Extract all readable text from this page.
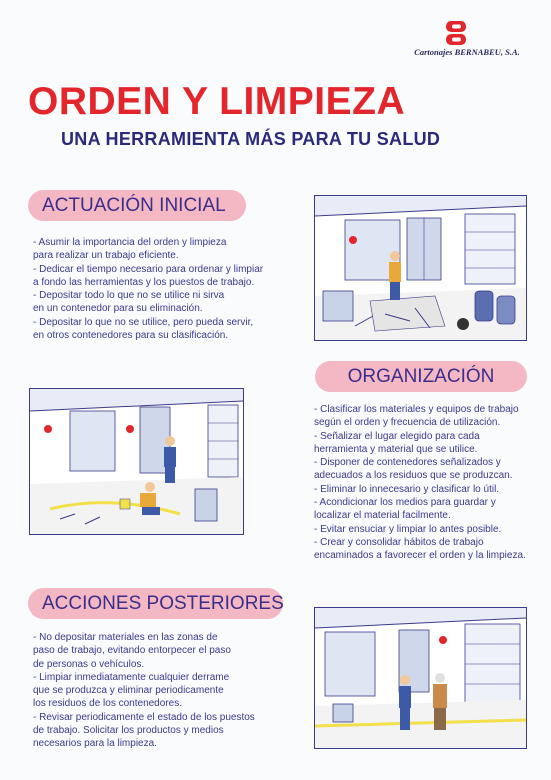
Cartonajes BERNABEU, S.A.
ORDEN Y LIMPIEZA
UNA HERRAMIENTA MÁS PARA TU SALUD
ACTUACIÓN INICIAL
- Asumir la importancia del orden y limpieza
para realizar un trabajo eficiente.
- Dedicar el tiempo necesario para ordenar y limpiar
a fondo las herramientas y los puestos de trabajo.
- Depositar todo lo que no se utilice ni sirva
en un contenedor para su eliminación.
- Depositar lo que no se utilice, pero pueda servir,
en otros contenedores para su clasificación.
ORGANIZACIÓN
- Clasificar los materiales y equipos de trabajo
según el orden y frecuencia de utilización.
- Señalizar el lugar elegido para cada
herramienta y material que se utilice.
- Disponer de contenedores señalizados y
adecuados a los residuos que se produzcan.
- Eliminar lo innecesario y clasificar lo útil.
- Acondicionar los medios para guardar y
localizar el material facilmente.
- Evitar ensuciar y limpiar lo antes posible.
- Crear y consolidar hábitos de trabajo
encaminados a favorecer el orden y la limpieza.
ACCIONES POSTERIORES
- No depositar materiales en las zonas de
paso de trabajo, evitando entorpecer el paso
de personas o vehículos.
- Limpiar inmediatamente cualquier derrame
que se produzca y eliminar periodicamente
los residuos de los contenedores.
- Revisar periodicamente el estado de los puestos
de trabajo. Solicitar los productos y medios
necesarios para la limpieza.
